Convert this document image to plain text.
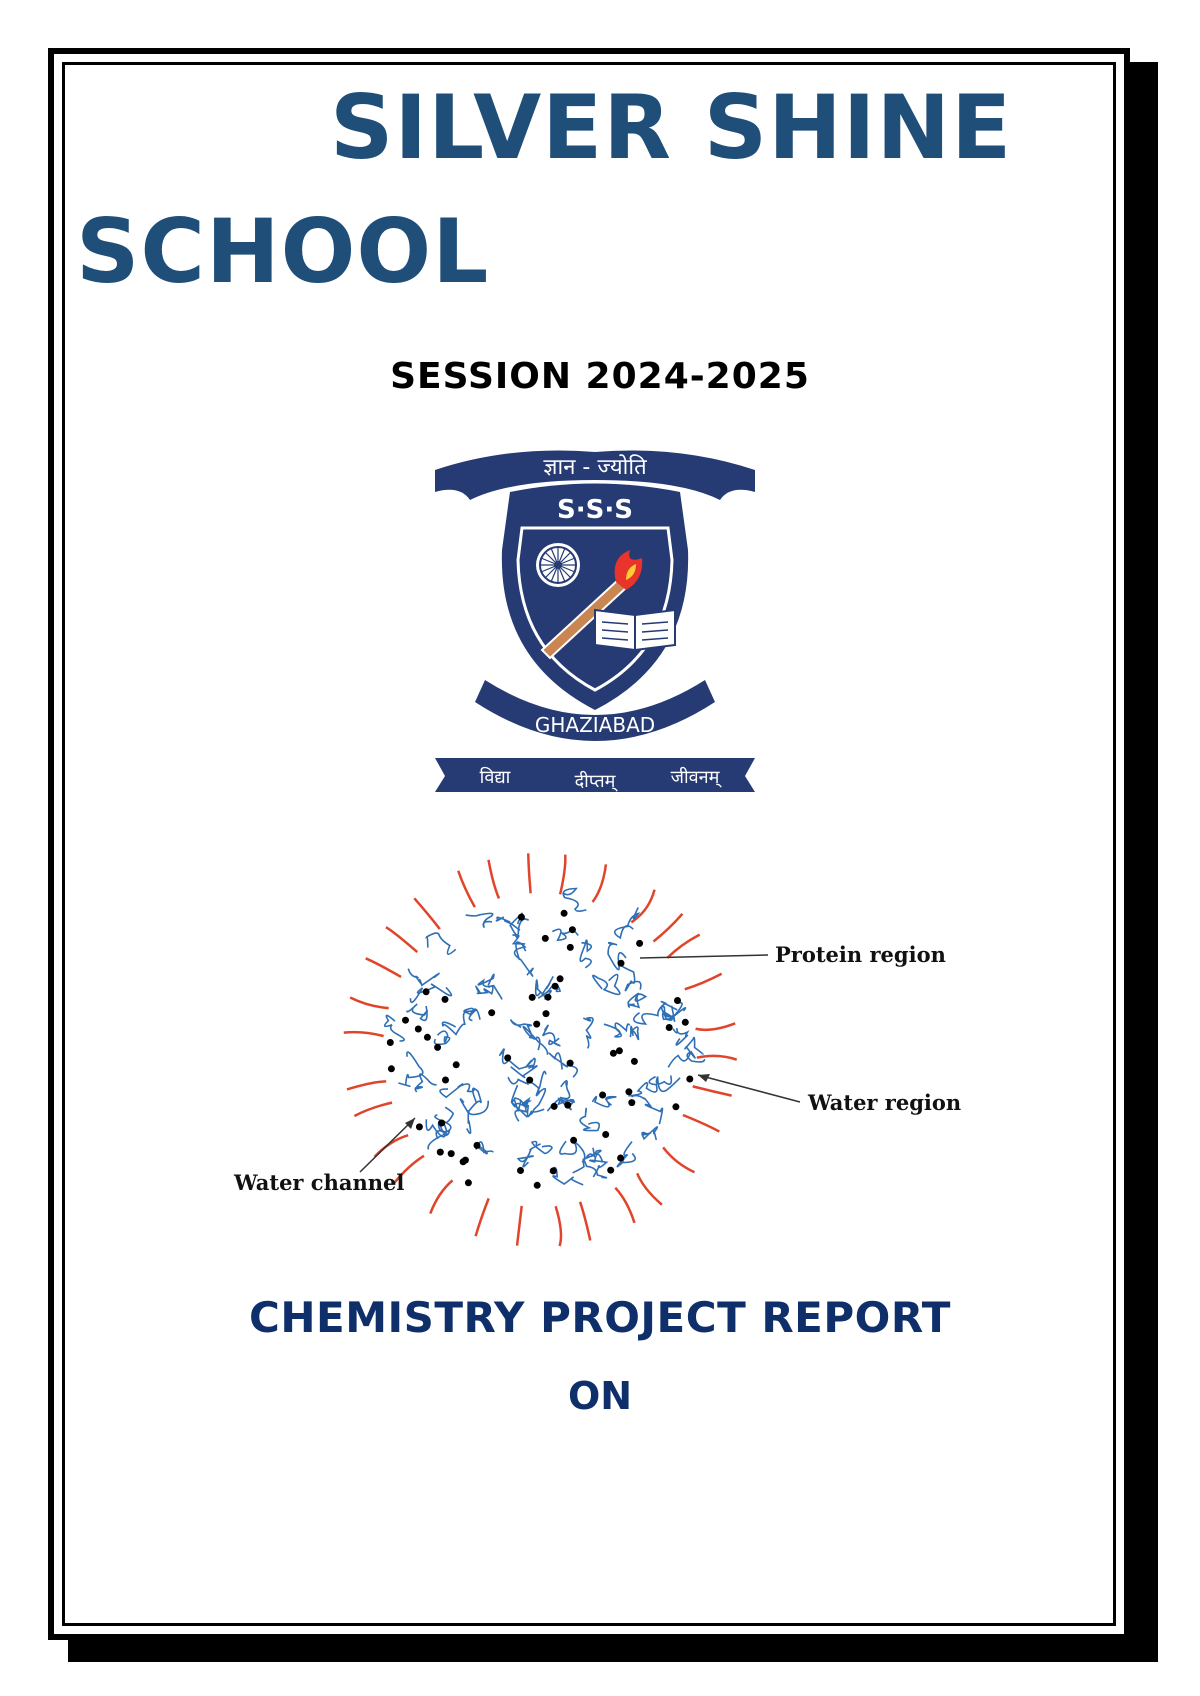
SILVER SHINE
SCHOOL
SESSION 2024-2025
ज्ञान - ज्योति
S·S·S
GHAZIABAD
विद्या	दीप्तम्	जीवनम्
Protein region
Water region
Water channel
CHEMISTRY PROJECT REPORT
ON
